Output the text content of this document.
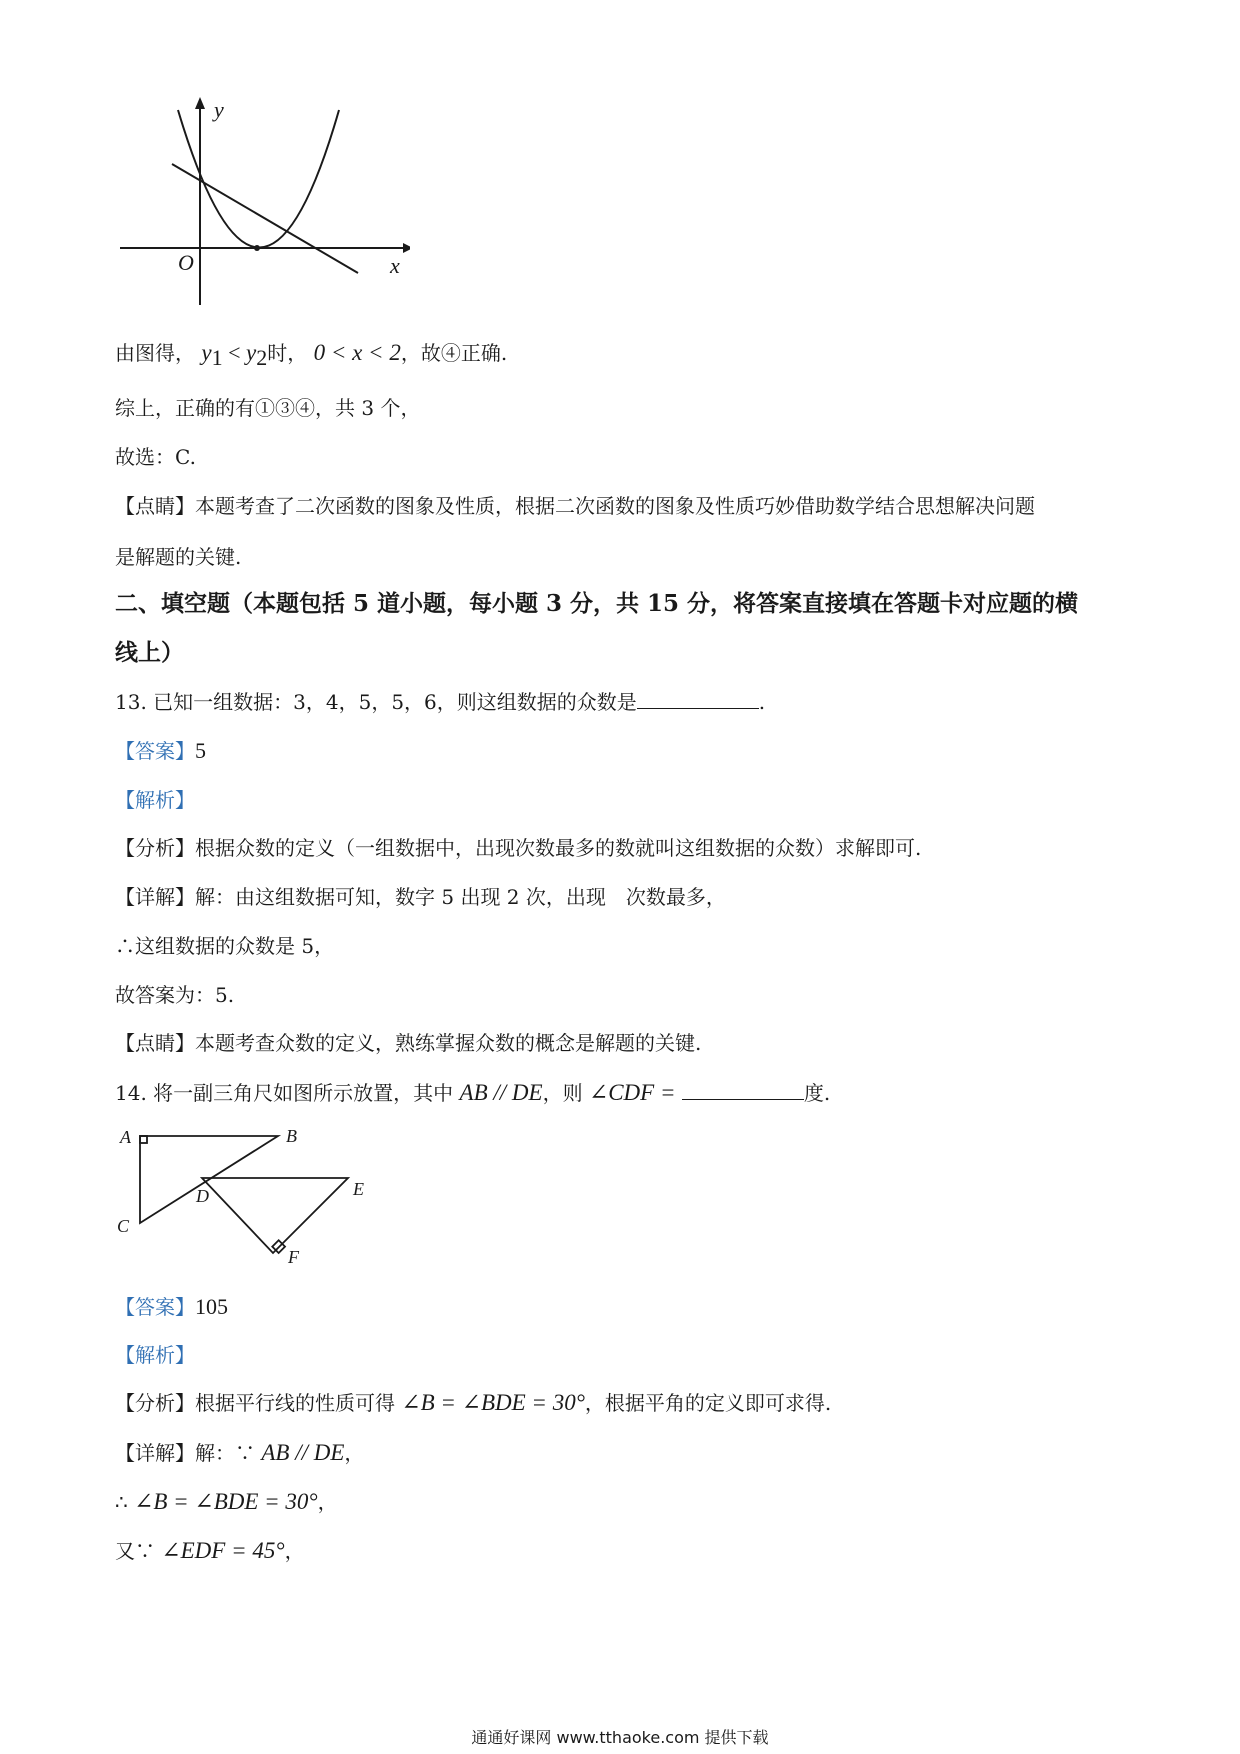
y
x
O
由图得， $y_1 < y_2$时， 0 < x < 2，故④正确.
综上，正确的有①③④，共 3 个，
故选：C.
【点睛】本题考查了二次函数的图象及性质，根据二次函数的图象及性质巧妙借助数学结合思想解决问题
是解题的关键.
二、填空题（本题包括 5 道小题，每小题 3 分，共 15 分，将答案直接填在答题卡对应题的横
线上）
13. 已知一组数据：3，4，5，5，6，则这组数据的众数是	.
【答案】5
【解析】
【分析】根据众数的定义（一组数据中，出现次数最多的数就叫这组数据的众数）求解即可.
【详解】解：由这组数据可知，数字 5 出现 2 次，出现　次数最多，
∴这组数据的众数是 5，
故答案为：5.
【点睛】本题考查众数的定义，熟练掌握众数的概念是解题的关键.
14. 将一副三角尺如图所示放置，其中 AB // DE，则 ∠CDF =	度.
A	B
C
D	E
F
【答案】105
【解析】
【分析】根据平行线的性质可得 ∠B = ∠BDE = 30°，根据平角的定义即可求得.
【详解】解：∵ AB // DE，
∴ ∠B = ∠BDE = 30°，
又∵ ∠EDF = 45°，
通通好课网 www.tthaoke.com 提供下载
